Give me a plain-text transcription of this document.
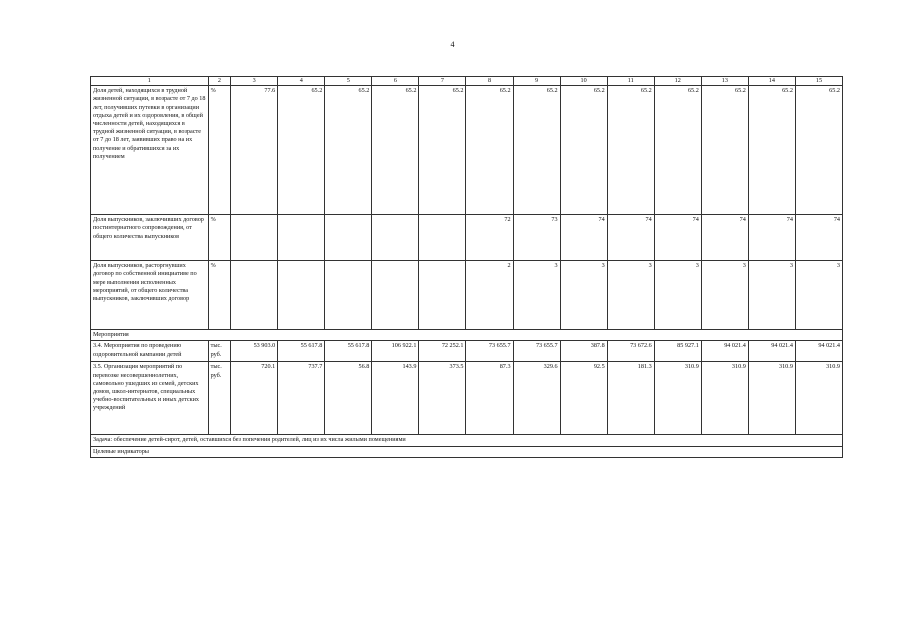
4
1	2	3	4	5	6	7	8	9	10	11	12	13	14	15
Доля детей, находящихся в трудной жизненной ситуации, в возрасте от 7 до 18 лет, получивших путевки в организации отдыха детей и их оздоровления, в общей численности детей, находящихся в трудной жизненной ситуации, в возрасте от 7 до 18 лет, заявивших право на их получение и обратившихся за их получением	%	77.6	65.2	65.2	65.2	65.2	65.2	65.2	65.2	65.2	65.2	65.2	65.2	65.2
Доля выпускников, заключивших договор постинтернатного сопровождения, от общего количества выпускников	%						72	73	74	74	74	74	74	74
Доля выпускников, расторгнувших договор по собственной инициативе по мере выполнения исполненных мероприятий, от общего количества выпускников, заключивших договор	%						2	3	3	3	3	3	3	3
Мероприятия														
3.4. Мероприятия по проведению оздоровительной кампании детей	тыс. руб.	53 903.0	55 617.8	55 617.8	106 922.1	72 252.1	73 655.7	73 655.7	387.8	73 672.6	85 927.1	94 021.4	94 021.4	94 021.4
3.5. Организация мероприятий по перевозке несовершеннолетних, самовольно ушедших из семей, детских домов, школ-интернатов, специальных учебно-воспитательных и иных детских учреждений	тыс. руб.	720.1	737.7	56.8	143.9	373.5	87.3	329.6	92.5	181.3	310.9	310.9	310.9	310.9
Задача: обеспечение детей-сирот, детей, оставшихся без попечения родителей, лиц из их числа жилыми помещениями														
Целевые индикаторы														
